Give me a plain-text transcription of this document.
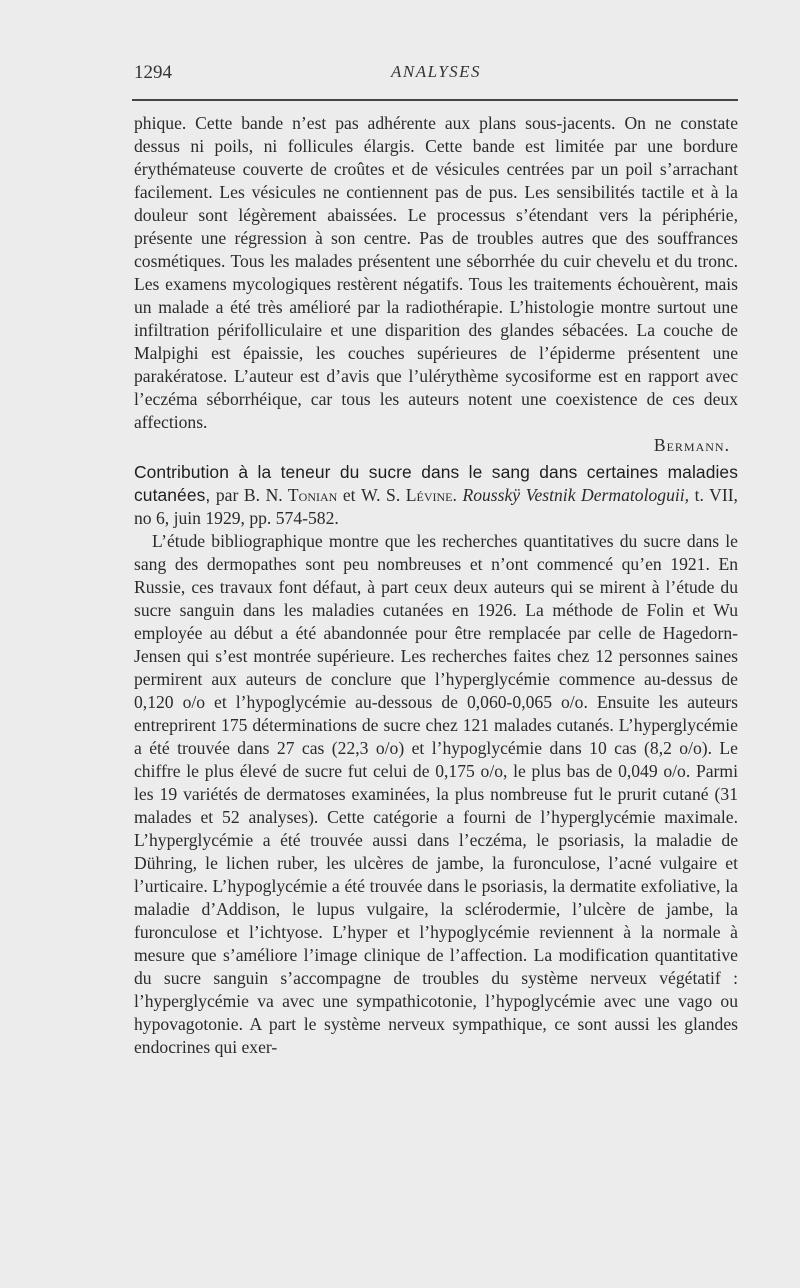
1294	ANALYSES

phique. Cette bande n’est pas adhérente aux plans sous-jacents. On ne constate dessus ni poils, ni follicules élargis. Cette bande est limitée par une bordure érythémateuse couverte de croûtes et de vésicules centrées par un poil s’arrachant facilement. Les vésicules ne contiennent pas de pus. Les sensibilités tactile et à la douleur sont légèrement abaissées. Le processus s’étendant vers la périphérie, présente une régression à son centre. Pas de troubles autres que des souffrances cosmétiques. Tous les malades présentent une séborrhée du cuir chevelu et du tronc. Les examens mycologiques restèrent négatifs. Tous les traitements échouèrent, mais un malade a été très amélioré par la radiothérapie. L’histologie montre surtout une infiltration périfolliculaire et une disparition des glandes sébacées. La couche de Malpighi est épaissie, les couches supérieures de l’épiderme présentent une parakératose. L’auteur est d’avis que l’ulérythème sycosiforme est en rapport avec l’eczéma séborrhéique, car tous les auteurs notent une coexistence de ces deux affections.

Bermann.

Contribution à la teneur du sucre dans le sang dans certaines maladies cutanées, par B. N. Tonian et W. S. Lévine. Rousskÿ Vestnik Dermatologuii, t. VII, no 6, juin 1929, pp. 574-582.

L’étude bibliographique montre que les recherches quantitatives du sucre dans le sang des dermopathes sont peu nombreuses et n’ont commencé qu’en 1921. En Russie, ces travaux font défaut, à part ceux deux auteurs qui se mirent à l’étude du sucre sanguin dans les maladies cutanées en 1926. La méthode de Folin et Wu employée au début a été abandonnée pour être remplacée par celle de Hagedorn-Jensen qui s’est montrée supérieure. Les recherches faites chez 12 personnes saines permirent aux auteurs de conclure que l’hyperglycémie commence au-dessus de 0,120 o/o et l’hypoglycémie au-dessous de 0,060-0,065 o/o. Ensuite les auteurs entreprirent 175 déterminations de sucre chez 121 malades cutanés. L’hyperglycémie a été trouvée dans 27 cas (22,3 o/o) et l’hypoglycémie dans 10 cas (8,2 o/o). Le chiffre le plus élevé de sucre fut celui de 0,175 o/o, le plus bas de 0,049 o/o. Parmi les 19 variétés de dermatoses examinées, la plus nombreuse fut le prurit cutané (31 malades et 52 analyses). Cette catégorie a fourni de l’hyperglycémie maximale. L’hyperglycémie a été trouvée aussi dans l’eczéma, le psoriasis, la maladie de Dühring, le lichen ruber, les ulcères de jambe, la furonculose, l’acné vulgaire et l’urticaire. L’hypoglycémie a été trouvée dans le psoriasis, la dermatite exfoliative, la maladie d’Addison, le lupus vulgaire, la sclérodermie, l’ulcère de jambe, la furonculose et l’ichtyose. L’hyper et l’hypoglycémie reviennent à la normale à mesure que s’améliore l’image clinique de l’affection. La modification quantitative du sucre sanguin s’accompagne de troubles du système nerveux végétatif : l’hyperglycémie va avec une sympathicotonie, l’hypoglycémie avec une vago ou hypovagotonie. A part le système nerveux sympathique, ce sont aussi les glandes endocrines qui exer-
